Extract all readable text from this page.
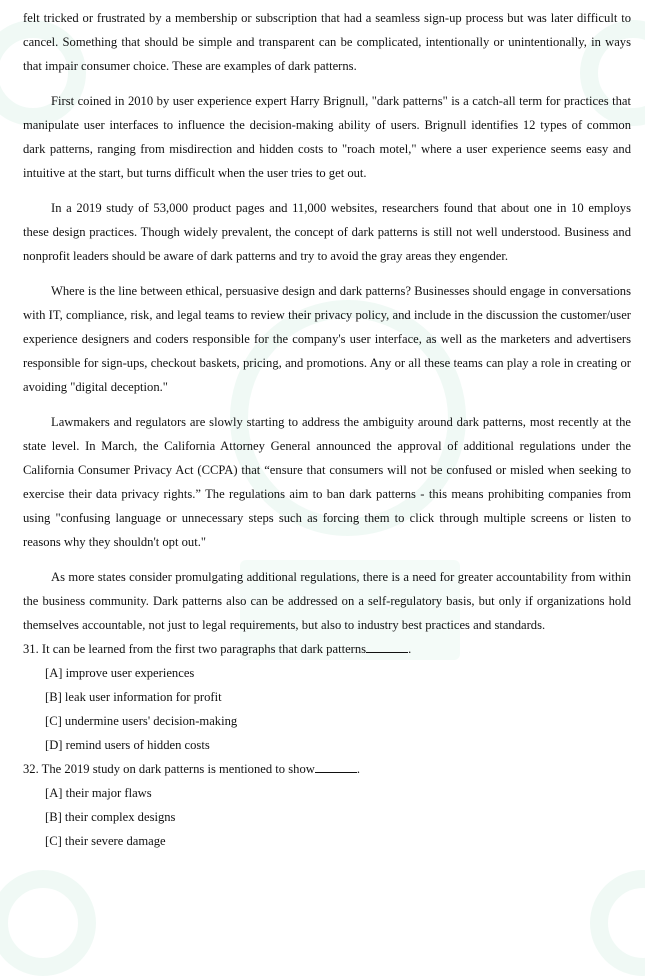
felt tricked or frustrated by a membership or subscription that had a seamless sign-up process but was later difficult to cancel. Something that should be simple and transparent can be complicated, intentionally or unintentionally, in ways that impair consumer choice. These are examples of dark patterns.

First coined in 2010 by user experience expert Harry Brignull, "dark patterns" is a catch-all term for practices that manipulate user interfaces to influence the decision-making ability of users. Brignull identifies 12 types of common dark patterns, ranging from misdirection and hidden costs to "roach motel," where a user experience seems easy and intuitive at the start, but turns difficult when the user tries to get out.

In a 2019 study of 53,000 product pages and 11,000 websites, researchers found that about one in 10 employs these design practices. Though widely prevalent, the concept of dark patterns is still not well understood. Business and nonprofit leaders should be aware of dark patterns and try to avoid the gray areas they engender.

Where is the line between ethical, persuasive design and dark patterns? Businesses should engage in conversations with IT, compliance, risk, and legal teams to review their privacy policy, and include in the discussion the customer/user experience designers and coders responsible for the company's user interface, as well as the marketers and advertisers responsible for sign-ups, checkout baskets, pricing, and promotions. Any or all these teams can play a role in creating or avoiding "digital deception."

Lawmakers and regulators are slowly starting to address the ambiguity around dark patterns, most recently at the state level. In March, the California Attorney General announced the approval of additional regulations under the California Consumer Privacy Act (CCPA) that “ensure that consumers will not be confused or misled when seeking to exercise their data privacy rights.” The regulations aim to ban dark patterns - this means prohibiting companies from using "confusing language or unnecessary steps such as forcing them to click through multiple screens or listen to reasons why they shouldn't opt out."

As more states consider promulgating additional regulations, there is a need for greater accountability from within the business community. Dark patterns also can be addressed on a self-regulatory basis, but only if organizations hold themselves accountable, not just to legal requirements, but also to industry best practices and standards.

31. It can be learned from the first two paragraphs that dark patterns	.

[A] improve user experiences

[B] leak user information for profit

[C] undermine users' decision-making

[D] remind users of hidden costs

32. The 2019 study on dark patterns is mentioned to show	.

[A] their major flaws

[B] their complex designs

[C] their severe damage
